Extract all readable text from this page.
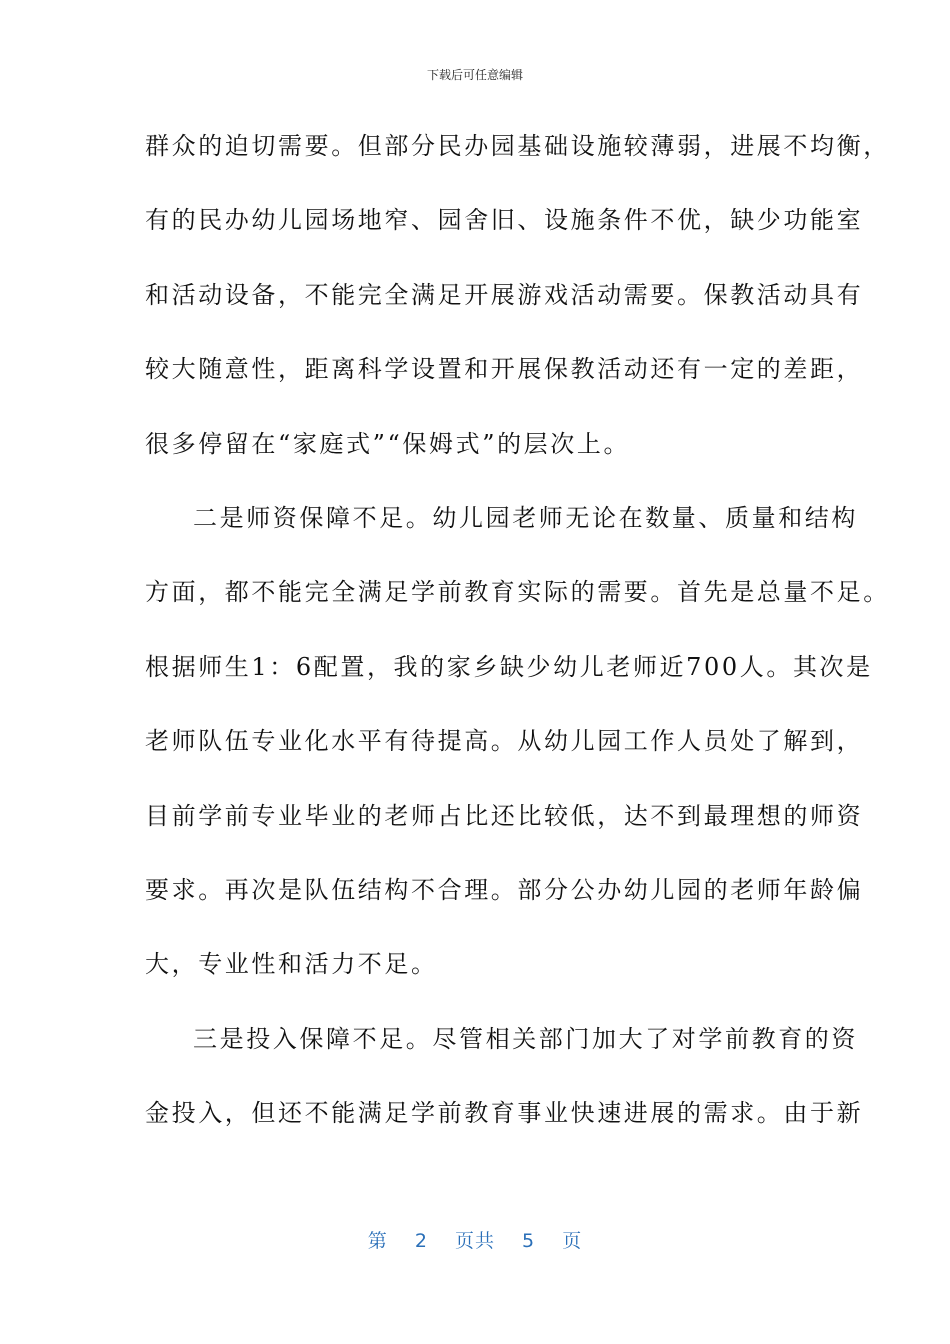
下载后可任意编辑
群众的迫切需要。但部分民办园基础设施较薄弱，进展不均衡，
有的民办幼儿园场地窄、园舍旧、设施条件不优，缺少功能室
和活动设备，不能完全满足开展游戏活动需要。保教活动具有
较大随意性，距离科学设置和开展保教活动还有一定的差距，
很多停留在“家庭式”“保姆式”的层次上。
二是师资保障不足。幼儿园老师无论在数量、质量和结构
方面，都不能完全满足学前教育实际的需要。首先是总量不足。
根据师生1：6配置，我的家乡缺少幼儿老师近700人。其次是
老师队伍专业化水平有待提高。从幼儿园工作人员处了解到，
目前学前专业毕业的老师占比还比较低，达不到最理想的师资
要求。再次是队伍结构不合理。部分公办幼儿园的老师年龄偏
大，专业性和活力不足。
三是投入保障不足。尽管相关部门加大了对学前教育的资
金投入，但还不能满足学前教育事业快速进展的需求。由于新
第 2 页共 5 页
